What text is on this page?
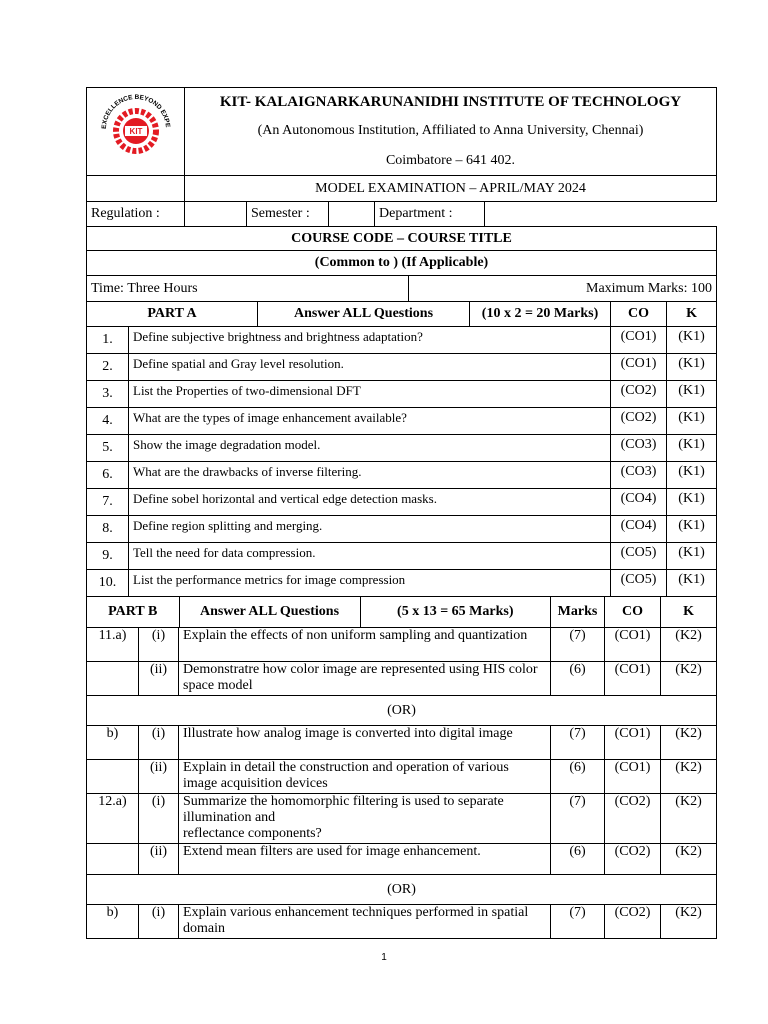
EXCELLENCE BEYOND EXPE
KIT	KIT- KALAIGNARKARUNANIDHI INSTITUTE OF TECHNOLOGY
	(An Autonomous Institution, Affiliated to Anna University, Chennai)
	Coimbatore – 641 402.
	MODEL EXAMINATION – APRIL/MAY 2024
Regulation :		Semester :		Department :	
COURSE CODE – COURSE TITLE
(Common to ) (If Applicable)
Time: Three Hours	Maximum Marks: 100
PART A		Answer ALL Questions	(10 x 2 = 20 Marks)	CO	K
1.	Define subjective brightness and brightness adaptation?			(CO1)	(K1)
2.	Define spatial and Gray level resolution.			(CO1)	(K1)
3.	List the Properties of two-dimensional DFT			(CO2)	(K1)
4.	What are the types of image enhancement available?			(CO2)	(K1)
5.	Show the image degradation model.			(CO3)	(K1)
6.	What are the drawbacks of inverse filtering.			(CO3)	(K1)
7.	Define sobel horizontal and vertical edge detection masks.			(CO4)	(K1)
8.	Define region splitting and merging.			(CO4)	(K1)
9.	Tell the need for data compression.			(CO5)	(K1)
10.	List the performance metrics for image compression			(CO5)	(K1)
PART B		Answer ALL Questions (5 x 13 = 65 Marks)	Marks	CO	K
11.a)	(i)	Explain the effects of non uniform sampling and quantization	(7)	(CO1)	(K2)
	(ii)	Demonstratre how color image are represented using HIS color space model	(6)	(CO1)	(K2)
(OR)					
b)	(i)	Illustrate how analog image is converted into digital image	(7)	(CO1)	(K2)
	(ii)	Explain in detail the construction and operation of various image acquisition devices	(6)	(CO1)	(K2)
12.a)	(i)	Summarize the homomorphic filtering is used to separate illumination and
reflectance components?	(7)	(CO2)	(K2)
	(ii)	Extend mean filters are used for image enhancement.	(6)	(CO2)	(K2)
(OR)					
b)	(i)	Explain various enhancement techniques performed in spatial domain	(7)	(CO2)	(K2)
1
